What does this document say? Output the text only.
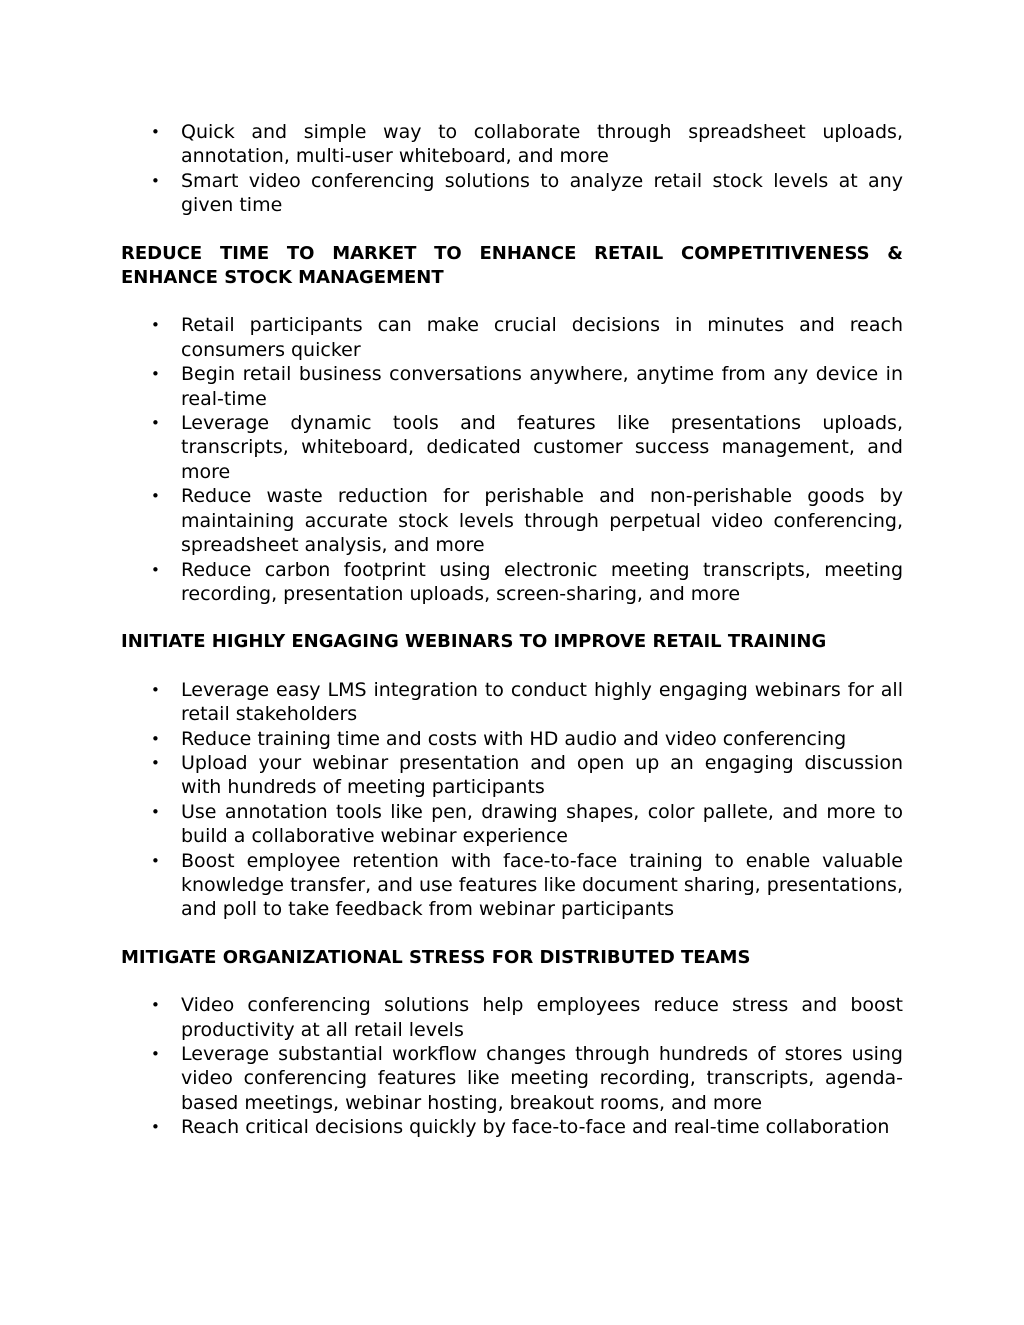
• Quick and simple way to collaborate through spreadsheet uploads, annotation, multi-user whiteboard, and more
• Smart video conferencing solutions to analyze retail stock levels at any given time
REDUCE TIME TO MARKET TO ENHANCE RETAIL COMPETITIVENESS & ENHANCE STOCK MANAGEMENT
• Retail participants can make crucial decisions in minutes and reach consumers quicker
• Begin retail business conversations anywhere, anytime from any device in real-time
• Leverage dynamic tools and features like presentations uploads, transcripts, whiteboard, dedicated customer success management, and more
• Reduce waste reduction for perishable and non-perishable goods by maintaining accurate stock levels through perpetual video conferencing, spreadsheet analysis, and more
• Reduce carbon footprint using electronic meeting transcripts, meeting recording, presentation uploads, screen-sharing, and more
INITIATE HIGHLY ENGAGING WEBINARS TO IMPROVE RETAIL TRAINING
• Leverage easy LMS integration to conduct highly engaging webinars for all retail stakeholders
• Reduce training time and costs with HD audio and video conferencing
• Upload your webinar presentation and open up an engaging discussion with hundreds of meeting participants
• Use annotation tools like pen, drawing shapes, color pallete, and more to build a collaborative webinar experience
• Boost employee retention with face-to-face training to enable valuable knowledge transfer, and use features like document sharing, presentations, and poll to take feedback from webinar participants
MITIGATE ORGANIZATIONAL STRESS FOR DISTRIBUTED TEAMS
• Video conferencing solutions help employees reduce stress and boost productivity at all retail levels
• Leverage substantial workflow changes through hundreds of stores using video conferencing features like meeting recording, transcripts, agenda-based meetings, webinar hosting, breakout rooms, and more
• Reach critical decisions quickly by face-to-face and real-time collaboration
